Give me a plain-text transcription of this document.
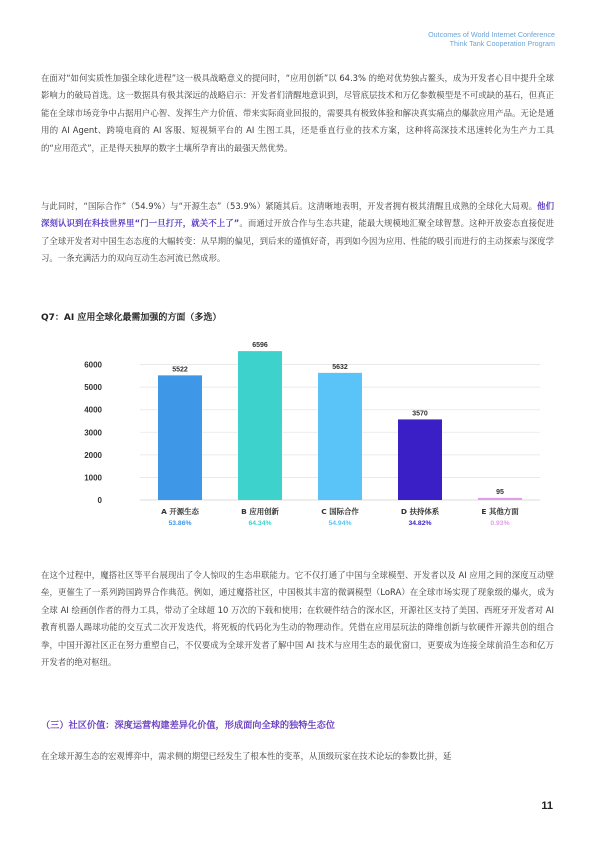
Outcomes of World Internet Conference
Think Tank Cooperation Program

在面对“如何实质性加强全球化进程”这一极具战略意义的提问时，“应用创新”以 64.3% 的绝对优势独占鳌头，成为开发者心目中提升全球影响力的破局首选。这一数据具有极其深远的战略启示：开发者们清醒地意识到，尽管底层技术和万亿参数模型是不可或缺的基石，但真正能在全球市场竞争中占据用户心智、发挥生产力价值、带来实际商业回报的，需要具有极致体验和解决真实痛点的爆款应用产品。无论是通用的 AI Agent、跨境电商的 AI 客服、短视频平台的 AI 生图工具，还是垂直行业的技术方案，这种将高深技术迅速转化为生产力工具的“应用范式”，正是得天独厚的数字土壤所孕育出的最强天然优势。

与此同时，“国际合作”（54.9%）与“开源生态”（53.9%）紧随其后。这清晰地表明，开发者拥有极其清醒且成熟的全球化大局观。他们深刻认识到在科技世界里“门一旦打开，就关不上了”。而通过开放合作与生态共建，能最大规模地汇聚全球智慧。这种开放姿态直接促进了全球开发者对中国生态态度的大幅转变：从早期的偏见，到后来的谨慎好奇，再到如今因为应用、性能的吸引而进行的主动探索与深度学习。一条充满活力的双向互动生态河流已然成形。

Q7：AI 应用全球化最需加强的方面（多选）
0
1000
2000
3000
4000
5000
6000
5522
A 开源生态
53.86%
6596
B 应用创新
64.34%
5632
C 国际合作
54.94%
3570
D 扶持体系
34.82%
95
E 其他方面
0.93%

在这个过程中，魔搭社区等平台展现出了令人惊叹的生态串联能力。它不仅打通了中国与全球模型、开发者以及 AI 应用之间的深度互动壁垒，更催生了一系列跨国跨界合作典范。例如，通过魔搭社区，中国极其丰富的微调模型（LoRA）在全球市场实现了现象级的爆火，成为全球 AI 绘画创作者的得力工具，带动了全球超 10 万次的下载和使用；在软硬件结合的深水区，开源社区支持了美国、西班牙开发者对 AI 教育机器人踢球功能的交互式二次开发迭代，将死板的代码化为生动的物理动作。凭借在应用层玩法的降维创新与软硬件开源共创的组合拳，中国开源社区正在努力重塑自己，不仅要成为全球开发者了解中国 AI 技术与应用生态的最优窗口，更要成为连接全球前沿生态和亿万开发者的绝对枢纽。

（三）社区价值：深度运营构建差异化价值，形成面向全球的独特生态位

在全球开源生态的宏观博弈中，需求侧的期望已经发生了根本性的变革，从顶级玩家在技术论坛的参数比拼，延

11
